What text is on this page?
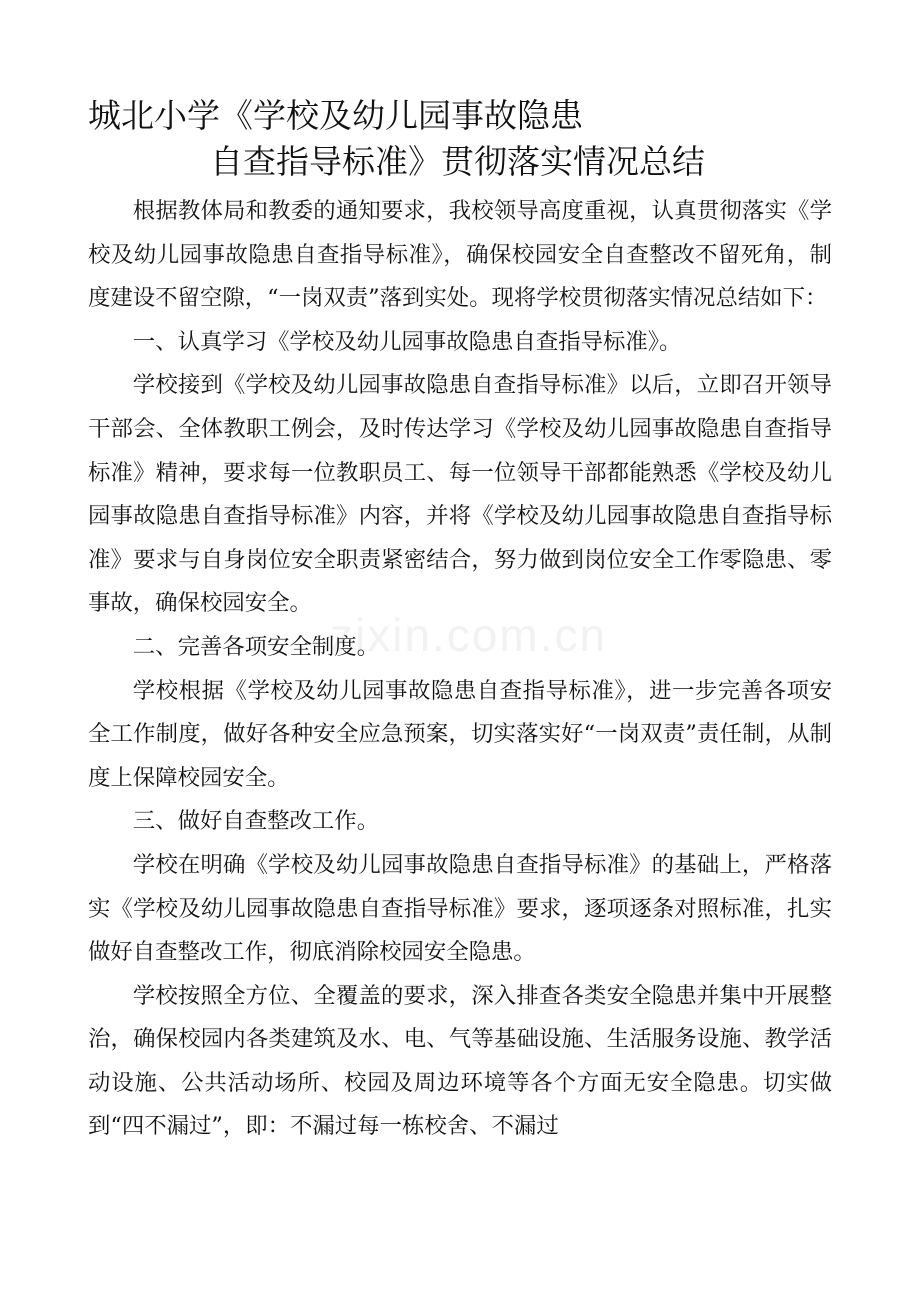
城北小学《学校及幼儿园事故隐患
自查指导标准》贯彻落实情况总结
zixin.com.cn

根据教体局和教委的通知要求，我校领导高度重视，认真贯彻落实《学校及幼儿园事故隐患自查指导标准》，确保校园安全自查整改不留死角，制度建设不留空隙，“一岗双责”落到实处。现将学校贯彻落实情况总结如下：

一、认真学习《学校及幼儿园事故隐患自查指导标准》。

学校接到《学校及幼儿园事故隐患自查指导标准》以后，立即召开领导干部会、全体教职工例会，及时传达学习《学校及幼儿园事故隐患自查指导标准》精神，要求每一位教职员工、每一位领导干部都能熟悉《学校及幼儿园事故隐患自查指导标准》内容，并将《学校及幼儿园事故隐患自查指导标准》要求与自身岗位安全职责紧密结合，努力做到岗位安全工作零隐患、零事故，确保校园安全。

二、完善各项安全制度。

学校根据《学校及幼儿园事故隐患自查指导标准》，进一步完善各项安全工作制度，做好各种安全应急预案，切实落实好“一岗双责”责任制，从制度上保障校园安全。

三、做好自查整改工作。

学校在明确《学校及幼儿园事故隐患自查指导标准》的基础上，严格落实《学校及幼儿园事故隐患自查指导标准》要求，逐项逐条对照标准，扎实做好自查整改工作，彻底消除校园安全隐患。

学校按照全方位、全覆盖的要求，深入排查各类安全隐患并集中开展整治，确保校园内各类建筑及水、电、气等基础设施、生活服务设施、教学活动设施、公共活动场所、校园及周边环境等各个方面无安全隐患。切实做到“四不漏过”，即：不漏过每一栋校舍、不漏过
